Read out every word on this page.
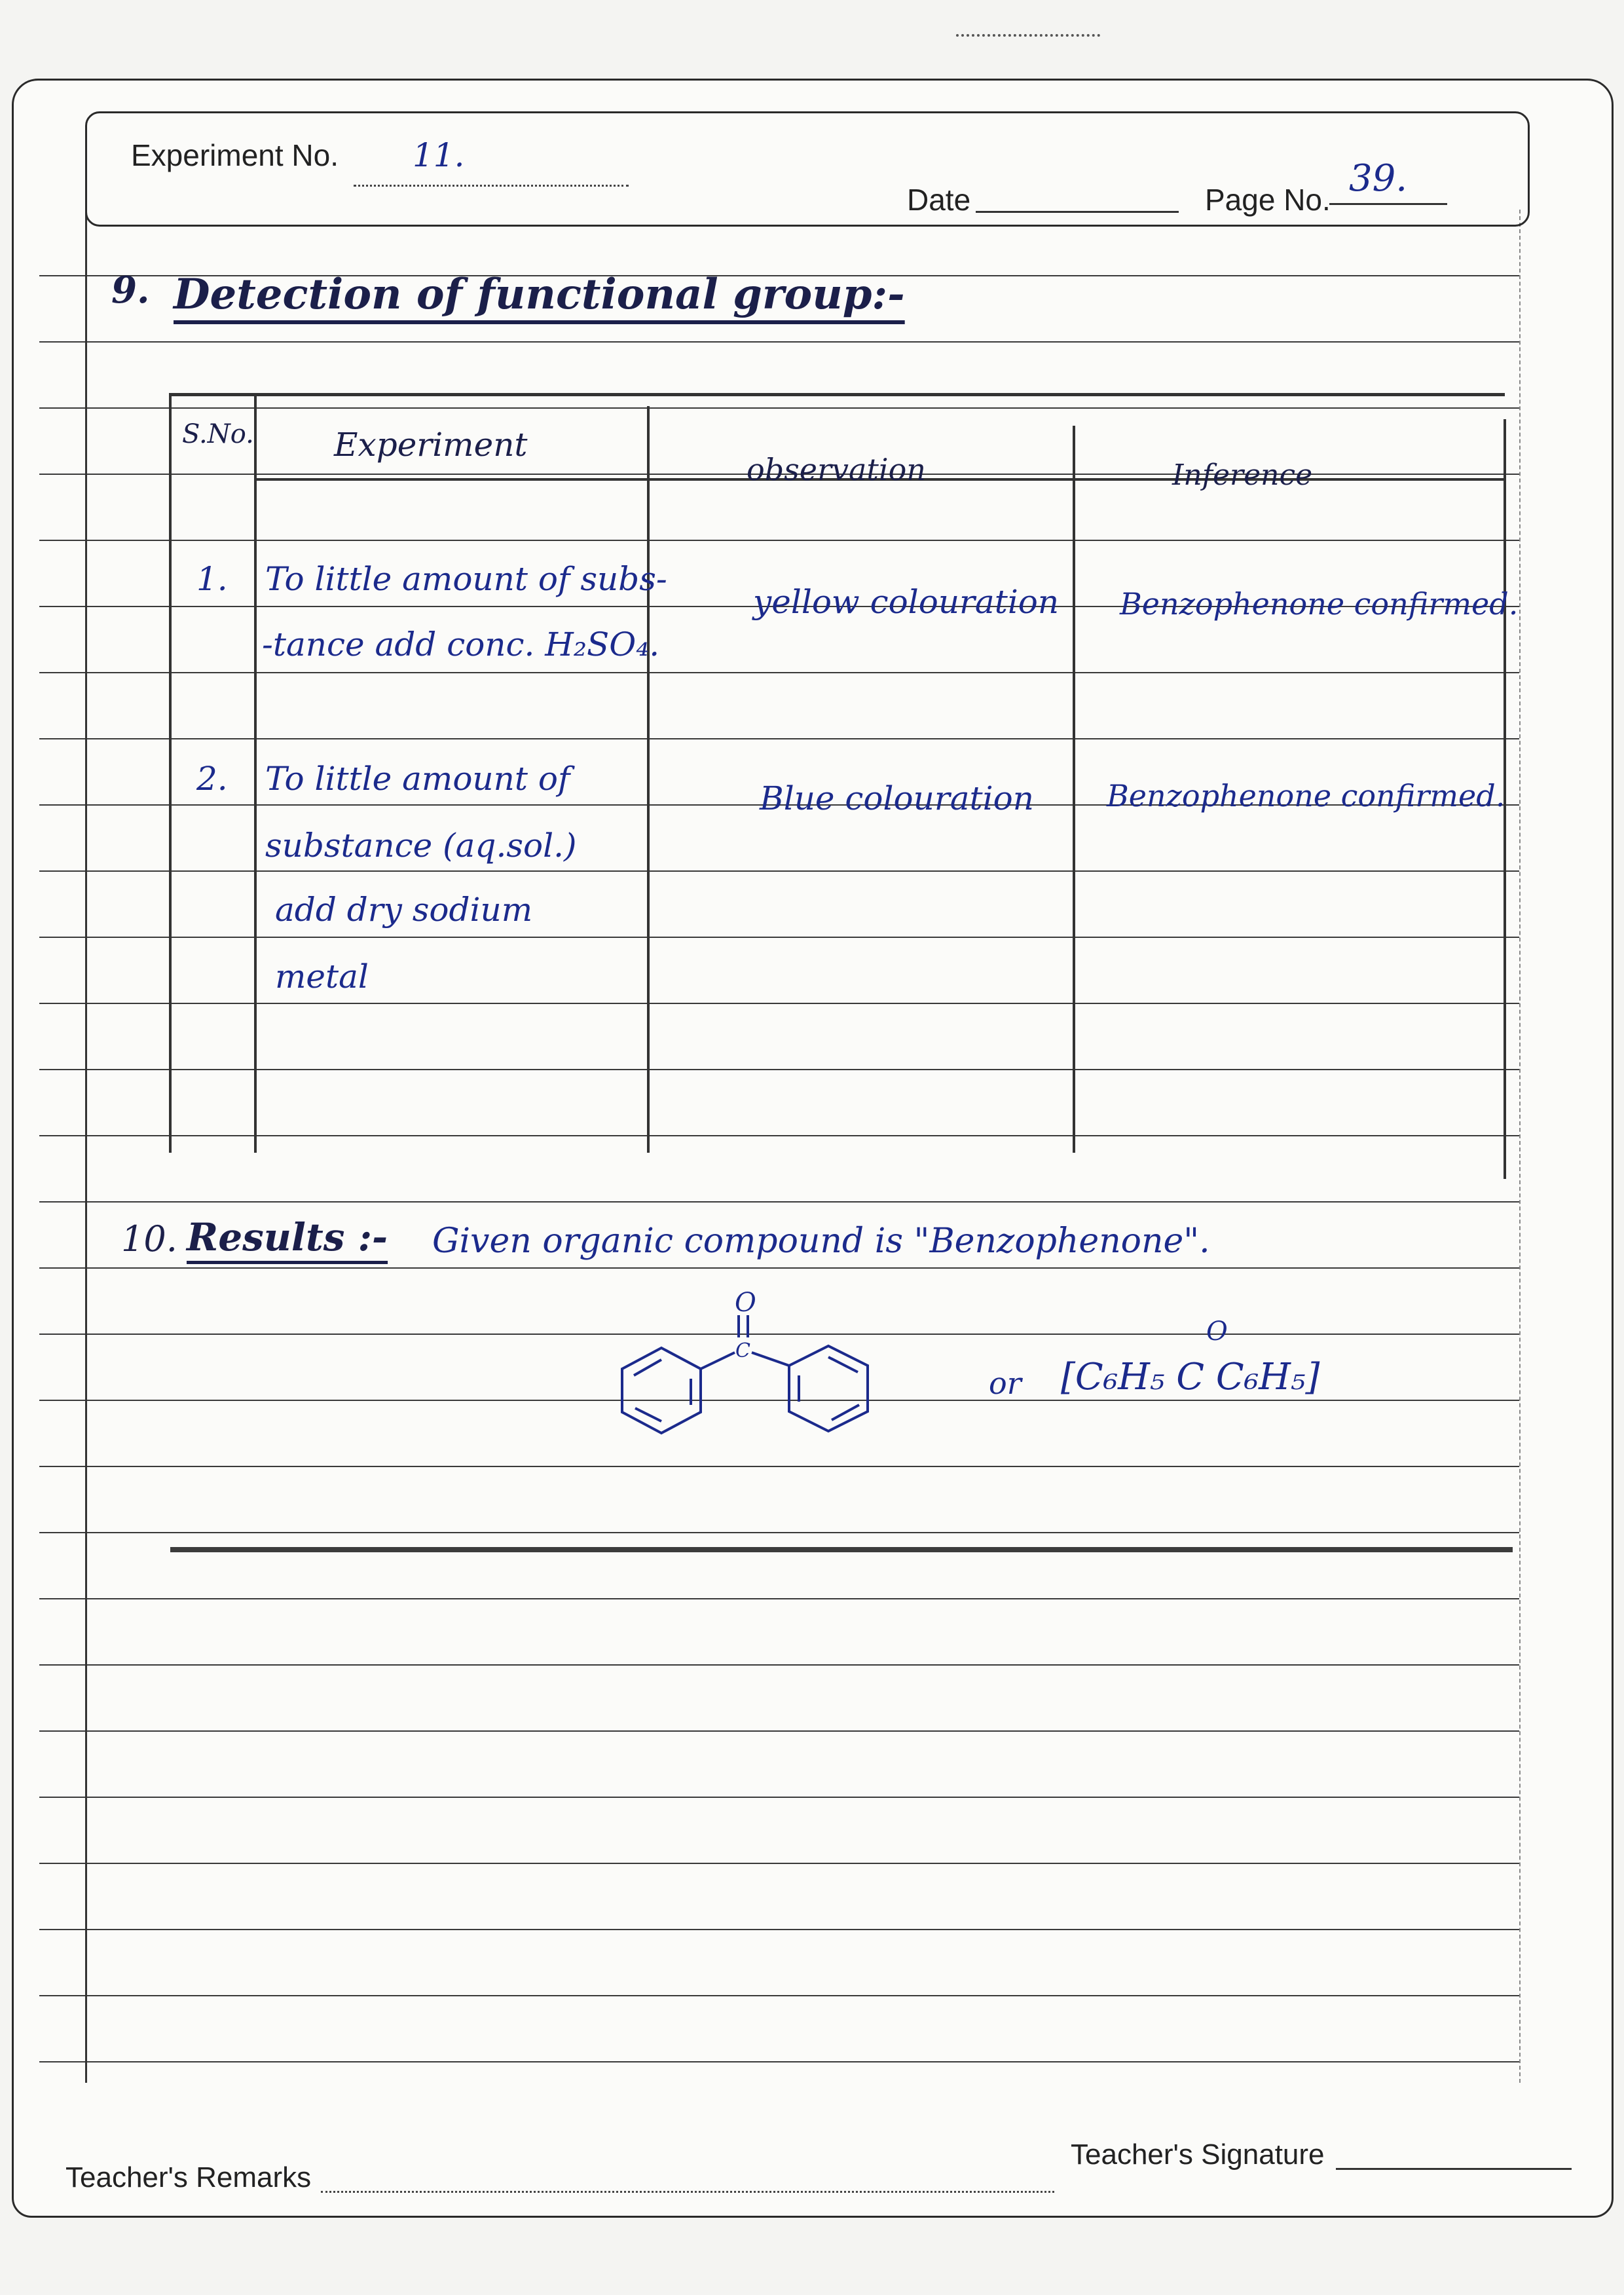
Experiment No. 11.
Date	Page No. 39.
9. Detection of functional group:-
S.No. Experiment
observation	Inference
1. To little amount of subs-
-tance add conc. H₂SO₄.
yellow colouration Benzophenone confirmed.
2. To little amount of
substance (aq.sol.)
add dry sodium
metal
Blue colouration Benzophenone confirmed.
10. Results :- Given organic compound is "Benzophenone".
O
C
or [C₆H₅ C C₆H₅]
O
Teacher's Remarks
Teacher's Signature
